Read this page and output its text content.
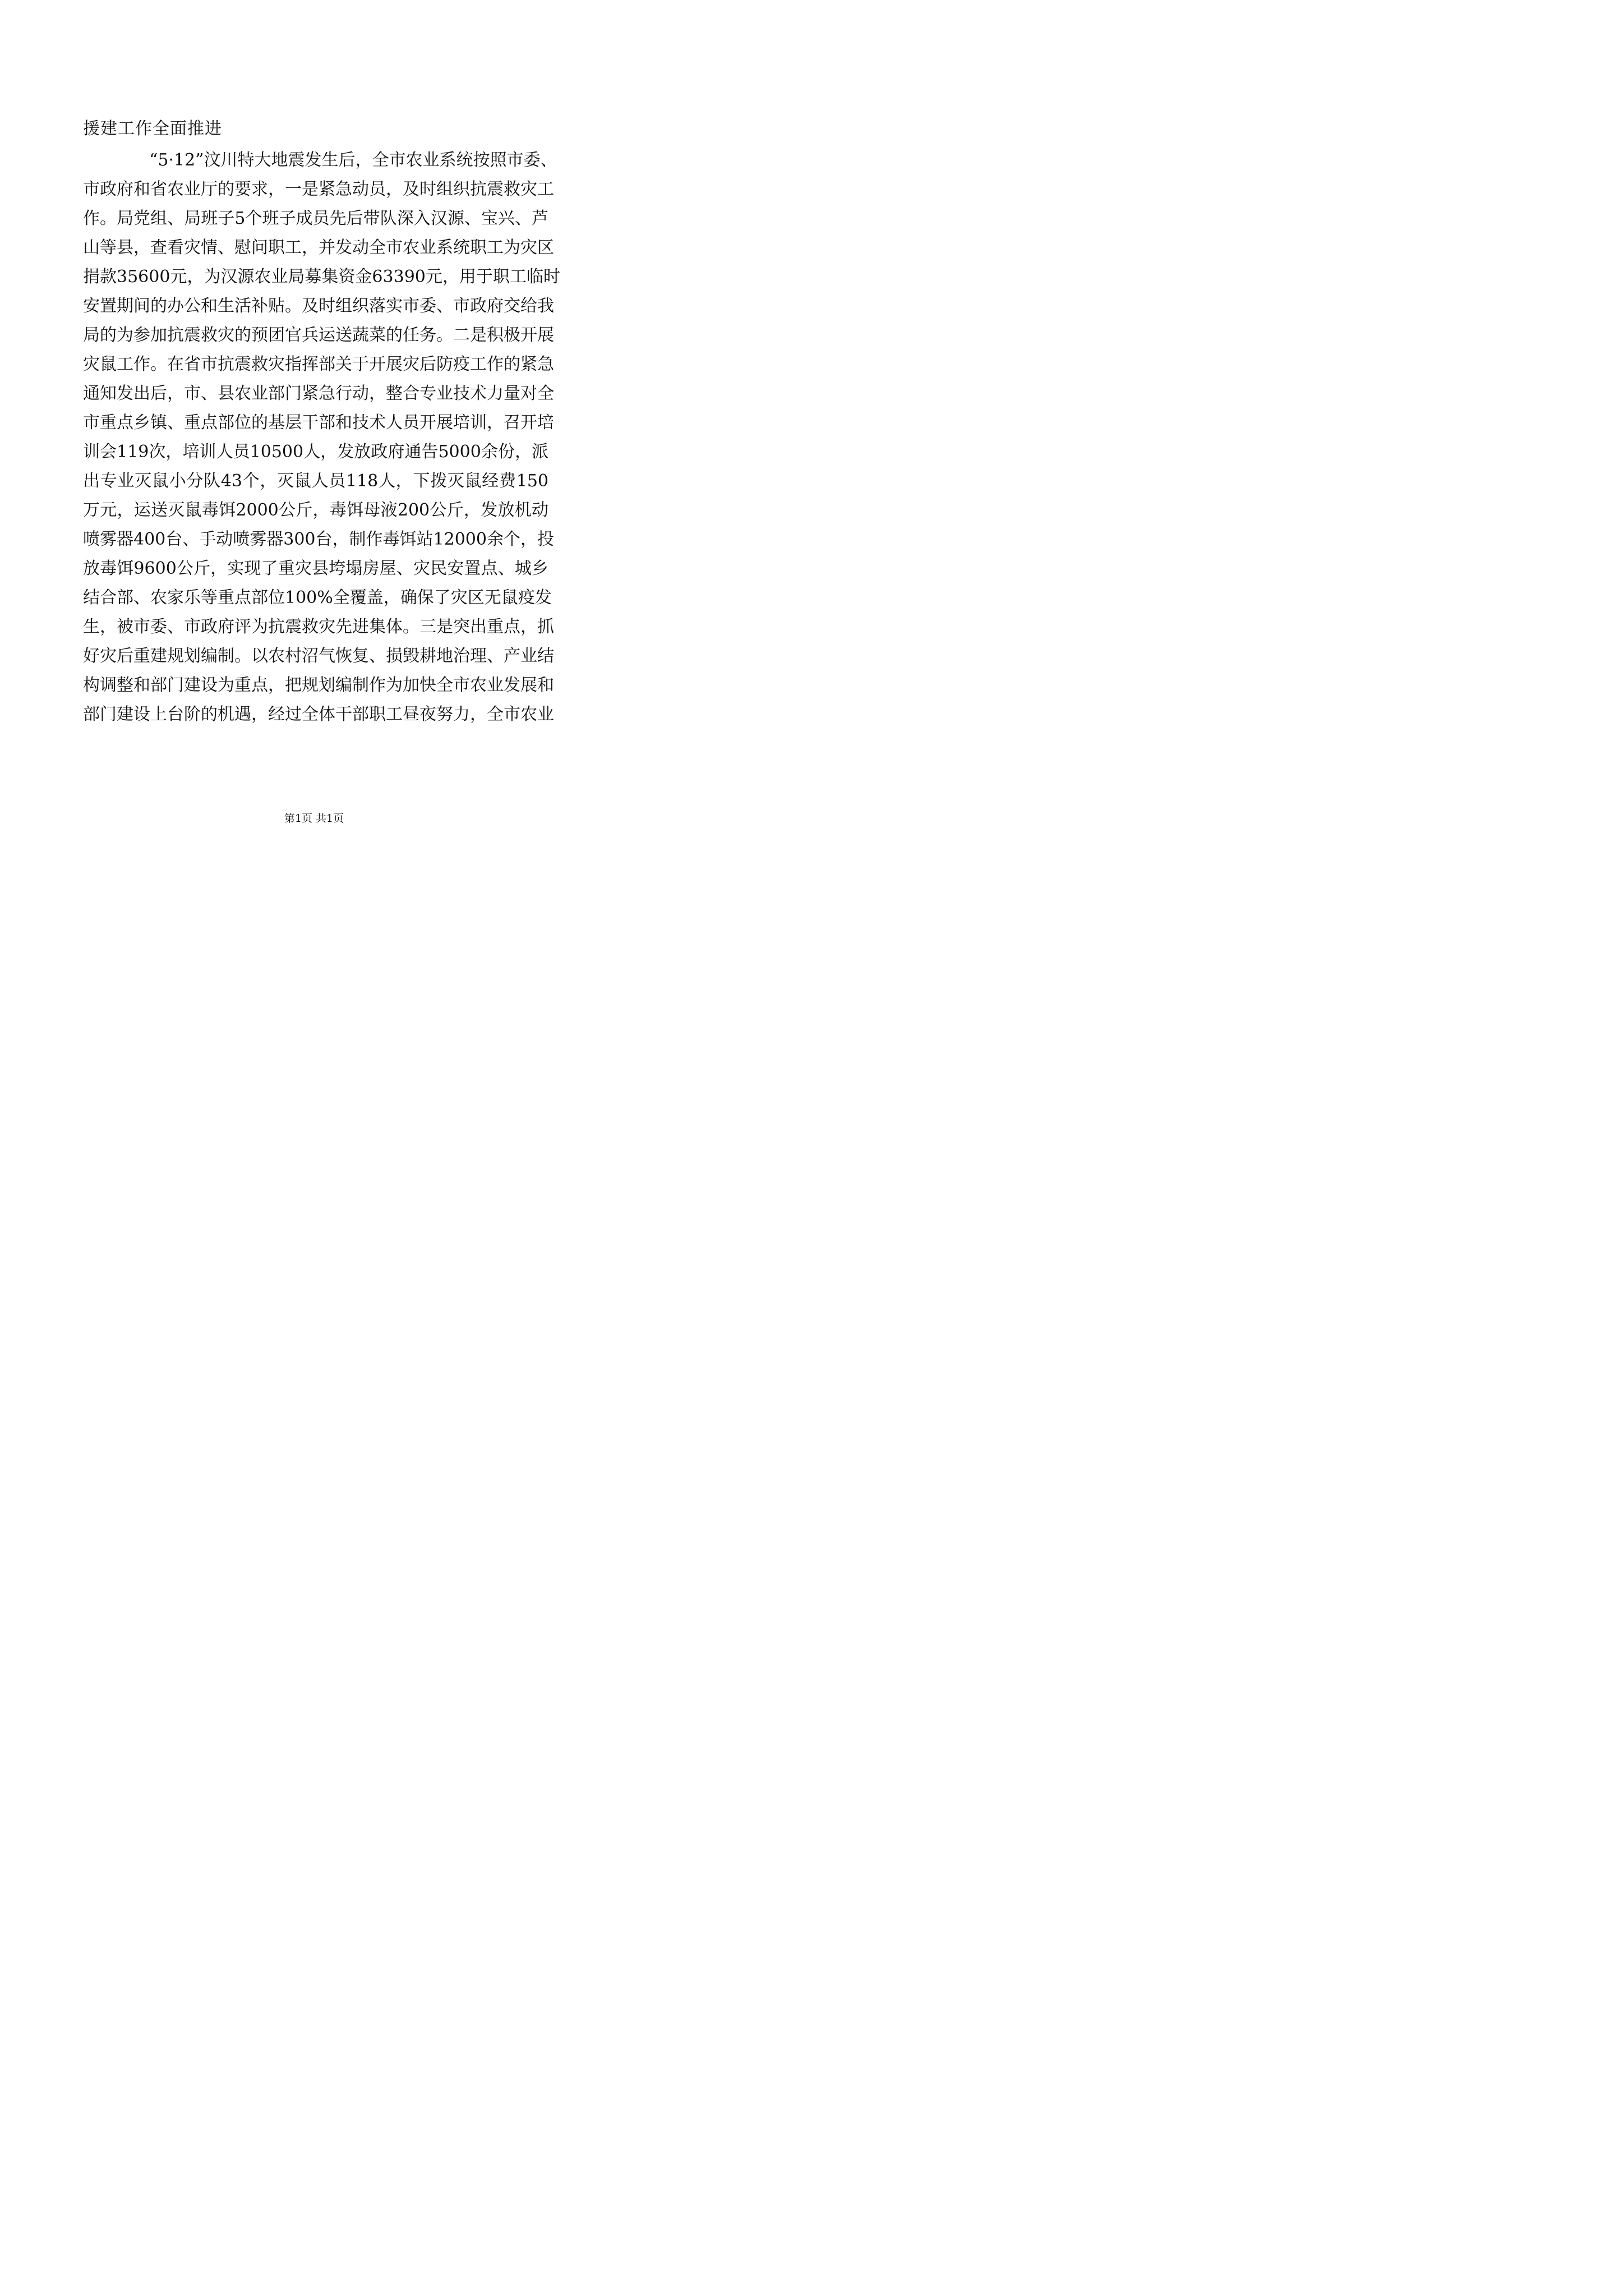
援建工作全面推进
“5·12”汶川特大地震发生后，全市农业系统按照市委、
市政府和省农业厅的要求，一是紧急动员，及时组织抗震救灾工
作。局党组、局班子5个班子成员先后带队深入汉源、宝兴、芦
山等县，查看灾情、慰问职工，并发动全市农业系统职工为灾区
捐款35600元，为汉源农业局募集资金63390元，用于职工临时
安置期间的办公和生活补贴。及时组织落实市委、市政府交给我
局的为参加抗震救灾的预团官兵运送蔬菜的任务。二是积极开展
灾鼠工作。在省市抗震救灾指挥部关于开展灾后防疫工作的紧急
通知发出后，市、县农业部门紧急行动，整合专业技术力量对全
市重点乡镇、重点部位的基层干部和技术人员开展培训，召开培
训会119次，培训人员10500人，发放政府通告5000余份，派
出专业灭鼠小分队43个，灭鼠人员118人，下拨灭鼠经费150
万元，运送灭鼠毒饵2000公斤，毒饵母液200公斤，发放机动
喷雾器400台、手动喷雾器300台，制作毒饵站12000余个，投
放毒饵9600公斤，实现了重灾县垮塌房屋、灾民安置点、城乡
结合部、农家乐等重点部位100%全覆盖，确保了灾区无鼠疫发
生，被市委、市政府评为抗震救灾先进集体。三是突出重点，抓
好灾后重建规划编制。以农村沼气恢复、损毁耕地治理、产业结
构调整和部门建设为重点，把规划编制作为加快全市农业发展和
部门建设上台阶的机遇，经过全体干部职工昼夜努力，全市农业
第1页 共1页
